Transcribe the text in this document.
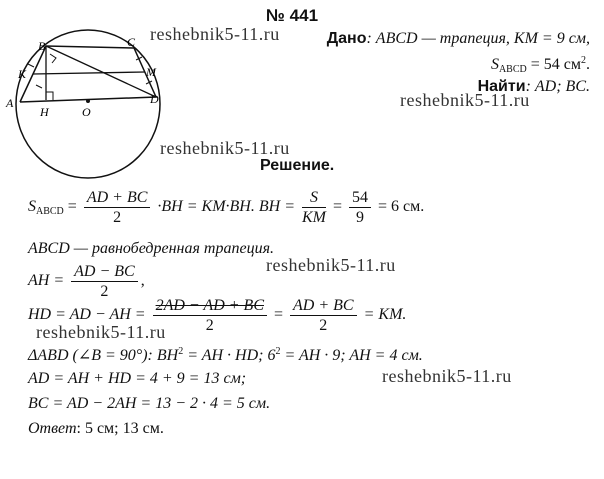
B	C
K	M
A
H	O
D
№ 441
reshebnik5-11.ru
reshebnik5-11.ru
reshebnik5-11.ru
reshebnik5-11.ru
reshebnik5-11.ru
reshebnik5-11.ru
Дано: ABCD — трапеция, KM = 9 см,
$S_{ABCD} = 54$ $см^2$.
Найти: AD; BC.
Решение.
$S_{ABCD} = \frac{AD + BC}{2} \cdot BH = KM\cdot BH$. BH = $\frac{S}{KM} = \frac{54}{9} = 6$ см.
ABCD — равнобедренная трапеция.
AH = $\frac{AD - BC}{2}$ ,
HD = AD − AH = $\frac{2AD - AD + BC}{2} = \frac{AD + BC}{2}$ = KM.
ΔABD (∠B = 90°): $BH^2$ = AH · HD; $6^2$ = AH · 9; AH = 4 см.
AD = AH + HD = 4 + 9 = 13 см;
BC = AD − 2AH = 13 − 2 · 4 = 5 см.
Ответ: 5 см; 13 см.
